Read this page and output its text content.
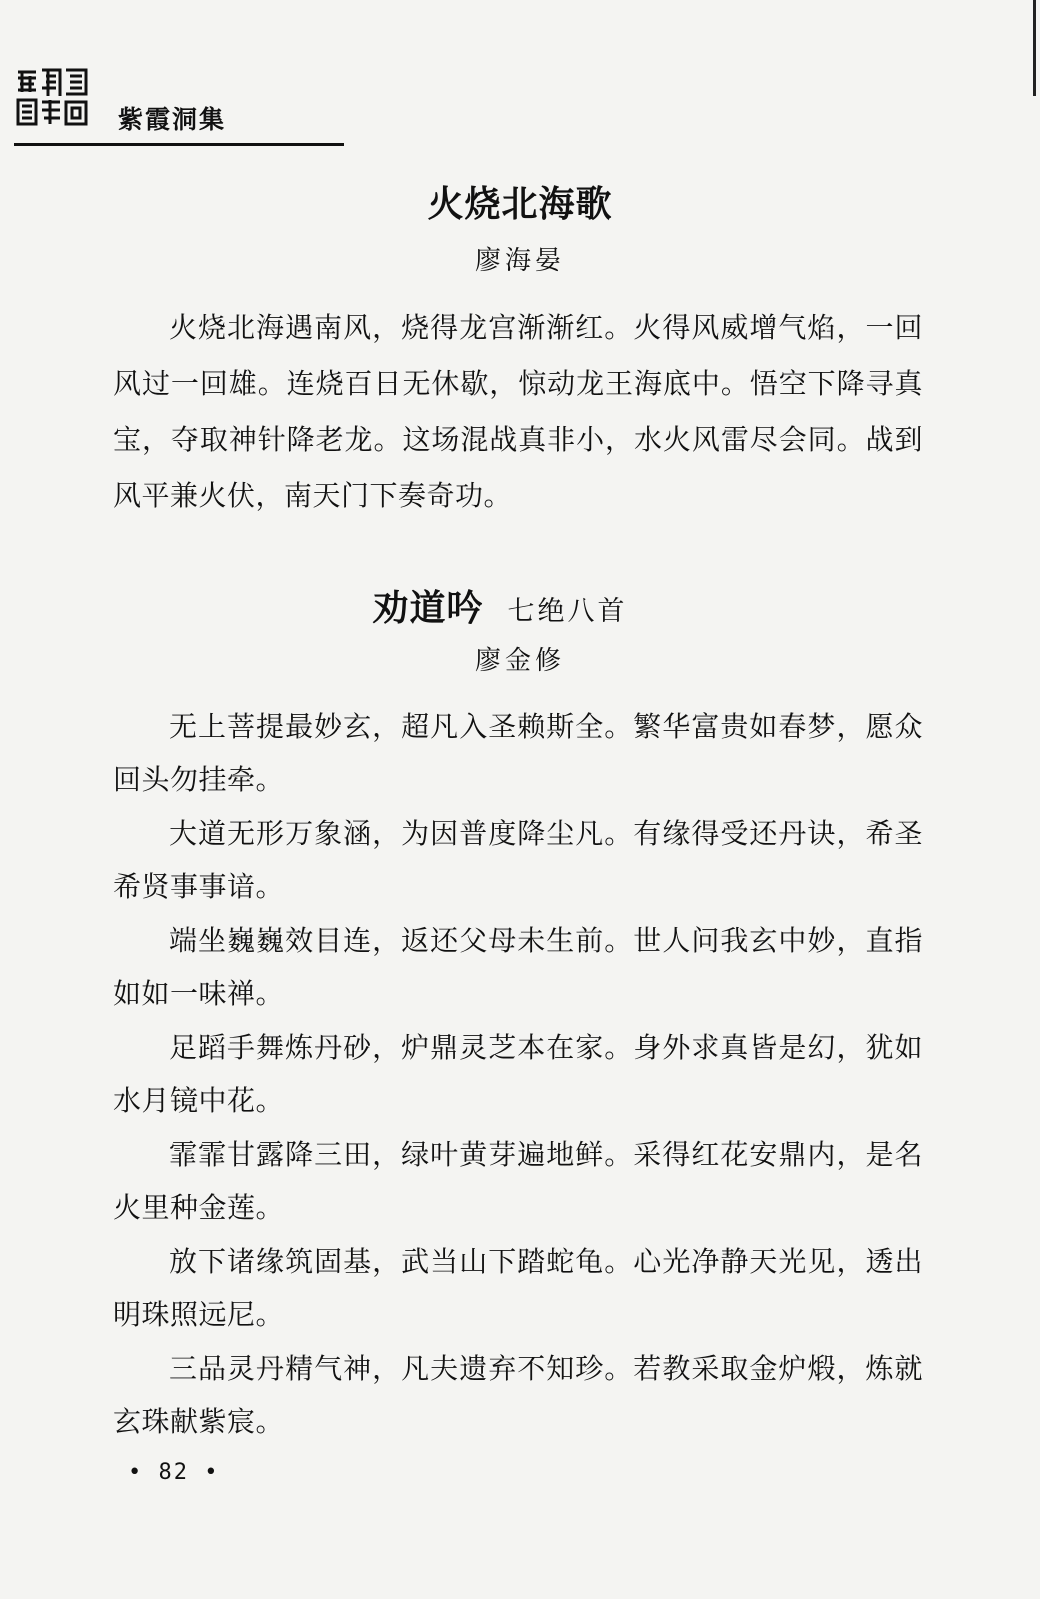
紫霞洞集
火烧北海歌
廖海晏

火烧北海遇南风，烧得龙宫渐渐红。火得风威增气焰，一回风过一回雄。连烧百日无休歇，惊动龙王海底中。悟空下降寻真宝，夺取神针降老龙。这场混战真非小，水火风雷尽会同。战到风平兼火伏，南天门下奏奇功。

劝道吟 七绝八首
廖金修

无上菩提最妙玄，超凡入圣赖斯全。繁华富贵如春梦，愿众回头勿挂牵。

大道无形万象涵，为因普度降尘凡。有缘得受还丹诀，希圣希贤事事谙。

端坐巍巍效目连，返还父母未生前。世人问我玄中妙，直指如如一味禅。

足蹈手舞炼丹砂，炉鼎灵芝本在家。身外求真皆是幻，犹如水月镜中花。

霏霏甘露降三田，绿叶黄芽遍地鲜。采得红花安鼎内，是名火里种金莲。

放下诸缘筑固基，武当山下踏蛇龟。心光净静天光见，透出明珠照远尼。

三品灵丹精气神，凡夫遗弃不知珍。若教采取金炉煅，炼就玄珠献紫宸。

• 82 •
